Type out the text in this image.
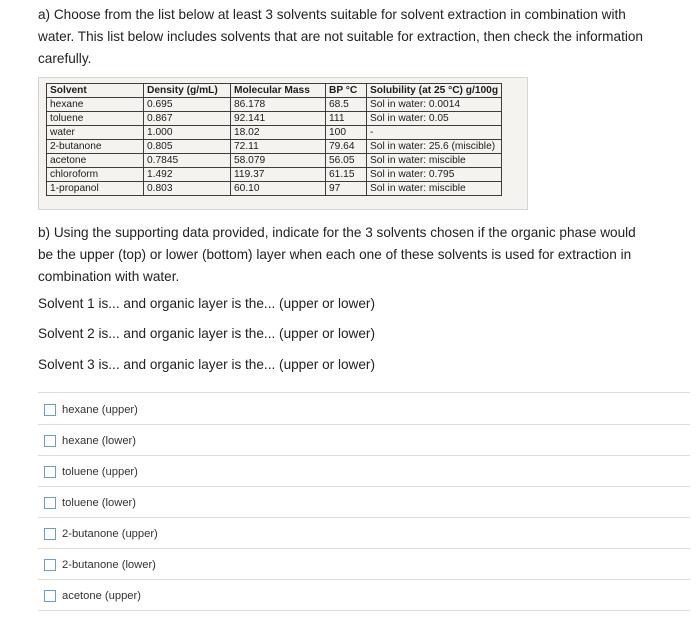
a) Choose from the list below at least 3 solvents suitable for solvent extraction in combination with water. This list below includes solvents that are not suitable for extraction, then check the information carefully.
Solvent	Density (g/mL)	Molecular Mass	BP °C	Solubility (at 25 °C) g/100g
hexane	0.695	86.178	68.5	Sol in water: 0.0014
toluene	0.867	92.141	111	Sol in water: 0.05
water	1.000	18.02	100	-
2-butanone	0.805	72.11	79.64	Sol in water: 25.6 (miscible)
acetone	0.7845	58.079	56.05	Sol in water: miscible
chloroform	1.492	119.37	61.15	Sol in water: 0.795
1-propanol	0.803	60.10	97	Sol in water: miscible
b) Using the supporting data provided, indicate for the 3 solvents chosen if the organic phase would be the upper (top) or lower (bottom) layer when each one of these solvents is used for extraction in combination with water.
Solvent 1 is... and organic layer is the... (upper or lower)
Solvent 2 is... and organic layer is the... (upper or lower)
Solvent 3 is... and organic layer is the... (upper or lower)
hexane (upper)
hexane (lower)
toluene (upper)
toluene (lower)
2-butanone (upper)
2-butanone (lower)
acetone (upper)
